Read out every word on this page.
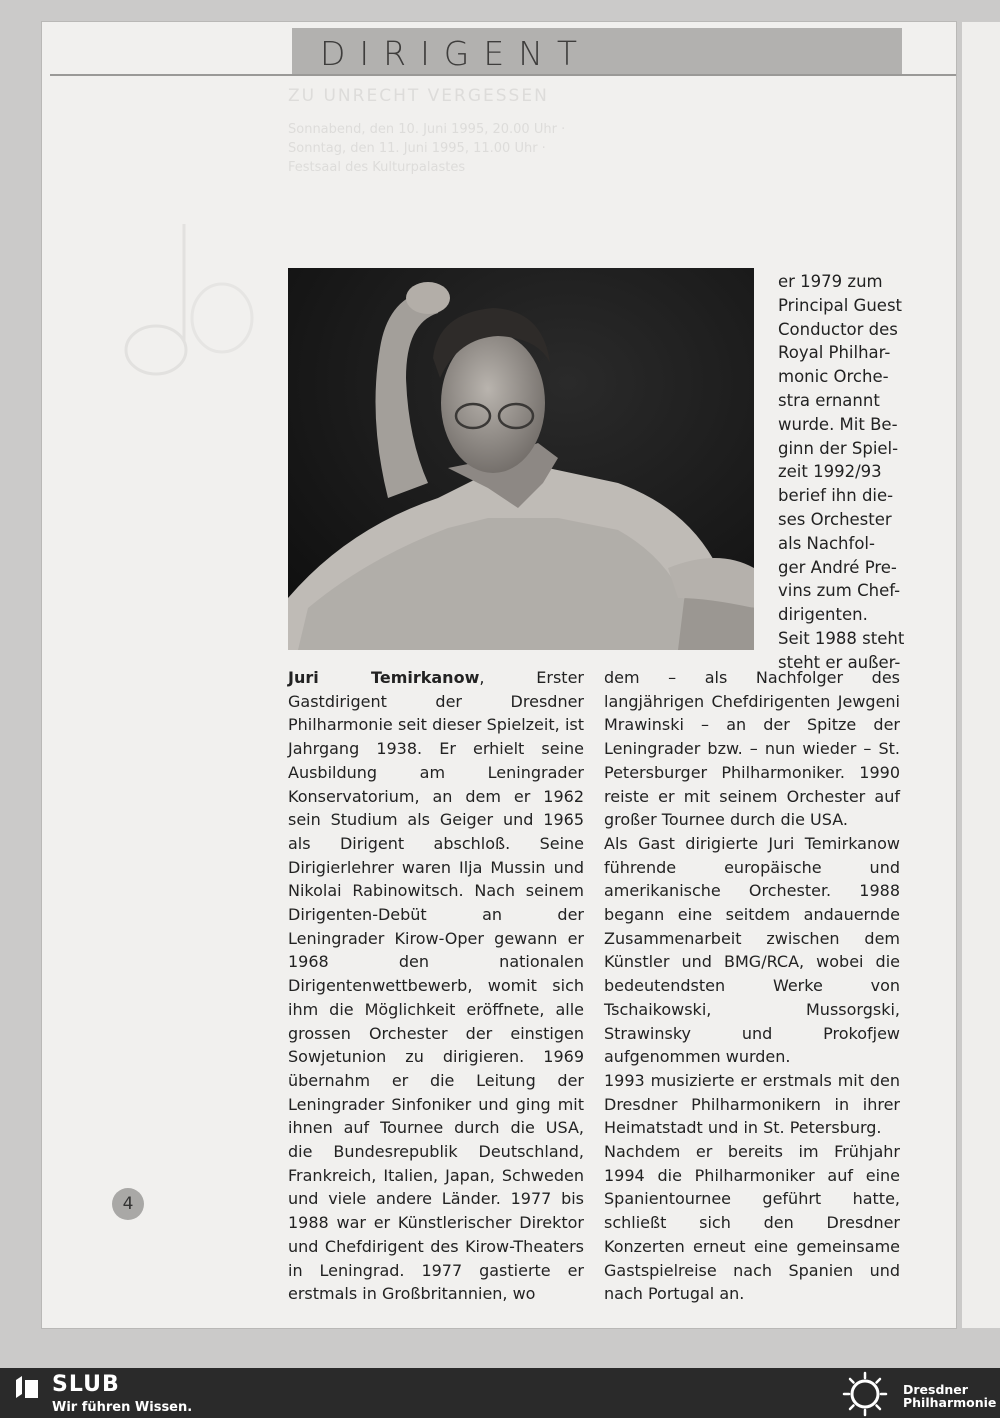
DIRIGENT
ZU UNRECHT VERGESSEN
Sonnabend, den 10. Juni 1995, 20.00 Uhr · Sonntag, den 11. Juni 1995, 11.00 Uhr · Festsaal des Kulturpalastes
er 1979 zum
Principal Guest
Conductor des
Royal Philhar-
monic Orche-
stra ernannt
wurde. Mit Be-
ginn der Spiel-
zeit 1992/93
berief ihn die-
ses Orchester
als Nachfol-
ger André Pre-
vins zum Chef-
dirigenten.
Seit 1988 steht
steht er außer-

Juri Temirkanow, Erster Gastdirigent der Dresdner Philharmonie seit dieser Spielzeit, ist Jahrgang 1938. Er erhielt seine Ausbildung am Leningrader Konservatorium, an dem er 1962 sein Studium als Geiger und 1965 als Dirigent abschloß. Seine Dirigierlehrer waren Ilja Mussin und Nikolai Rabinowitsch. Nach seinem Dirigenten-Debüt an der Leningrader Kirow-Oper gewann er 1968 den nationalen Dirigentenwettbewerb, womit sich ihm die Möglichkeit eröffnete, alle grossen Orchester der einstigen Sowjetunion zu dirigieren. 1969 übernahm er die Leitung der Leningrader Sinfoniker und ging mit ihnen auf Tournee durch die USA, die Bundesrepublik Deutschland, Frankreich, Italien, Japan, Schweden und viele andere Länder. 1977 bis 1988 war er Künstlerischer Direktor und Chefdirigent des Kirow-Theaters in Leningrad. 1977 gastierte er erstmals in Großbritannien, wo

dem – als Nachfolger des langjährigen Chefdirigenten Jewgeni Mrawinski – an der Spitze der Leningrader bzw. – nun wieder – St. Petersburger Philharmoniker. 1990 reiste er mit seinem Orchester auf großer Tournee durch die USA.

Als Gast dirigierte Juri Temirkanow führende europäische und amerikanische Orchester. 1988 begann eine seitdem andauernde Zusammenarbeit zwischen dem Künstler und BMG/RCA, wobei die bedeutendsten Werke von Tschaikowski, Mussorgski, Strawinsky und Prokofjew aufgenommen wurden.

1993 musizierte er erstmals mit den Dresdner Philharmonikern in ihrer Heimatstadt und in St. Petersburg.

Nachdem er bereits im Frühjahr 1994 die Philharmoniker auf eine Spanientournee geführt hatte, schließt sich den Dresdner Konzerten erneut eine gemeinsame Gastspielreise nach Spanien und nach Portugal an.

4
SLUB
Wir führen Wissen.
Dresdner
Philharmonie
